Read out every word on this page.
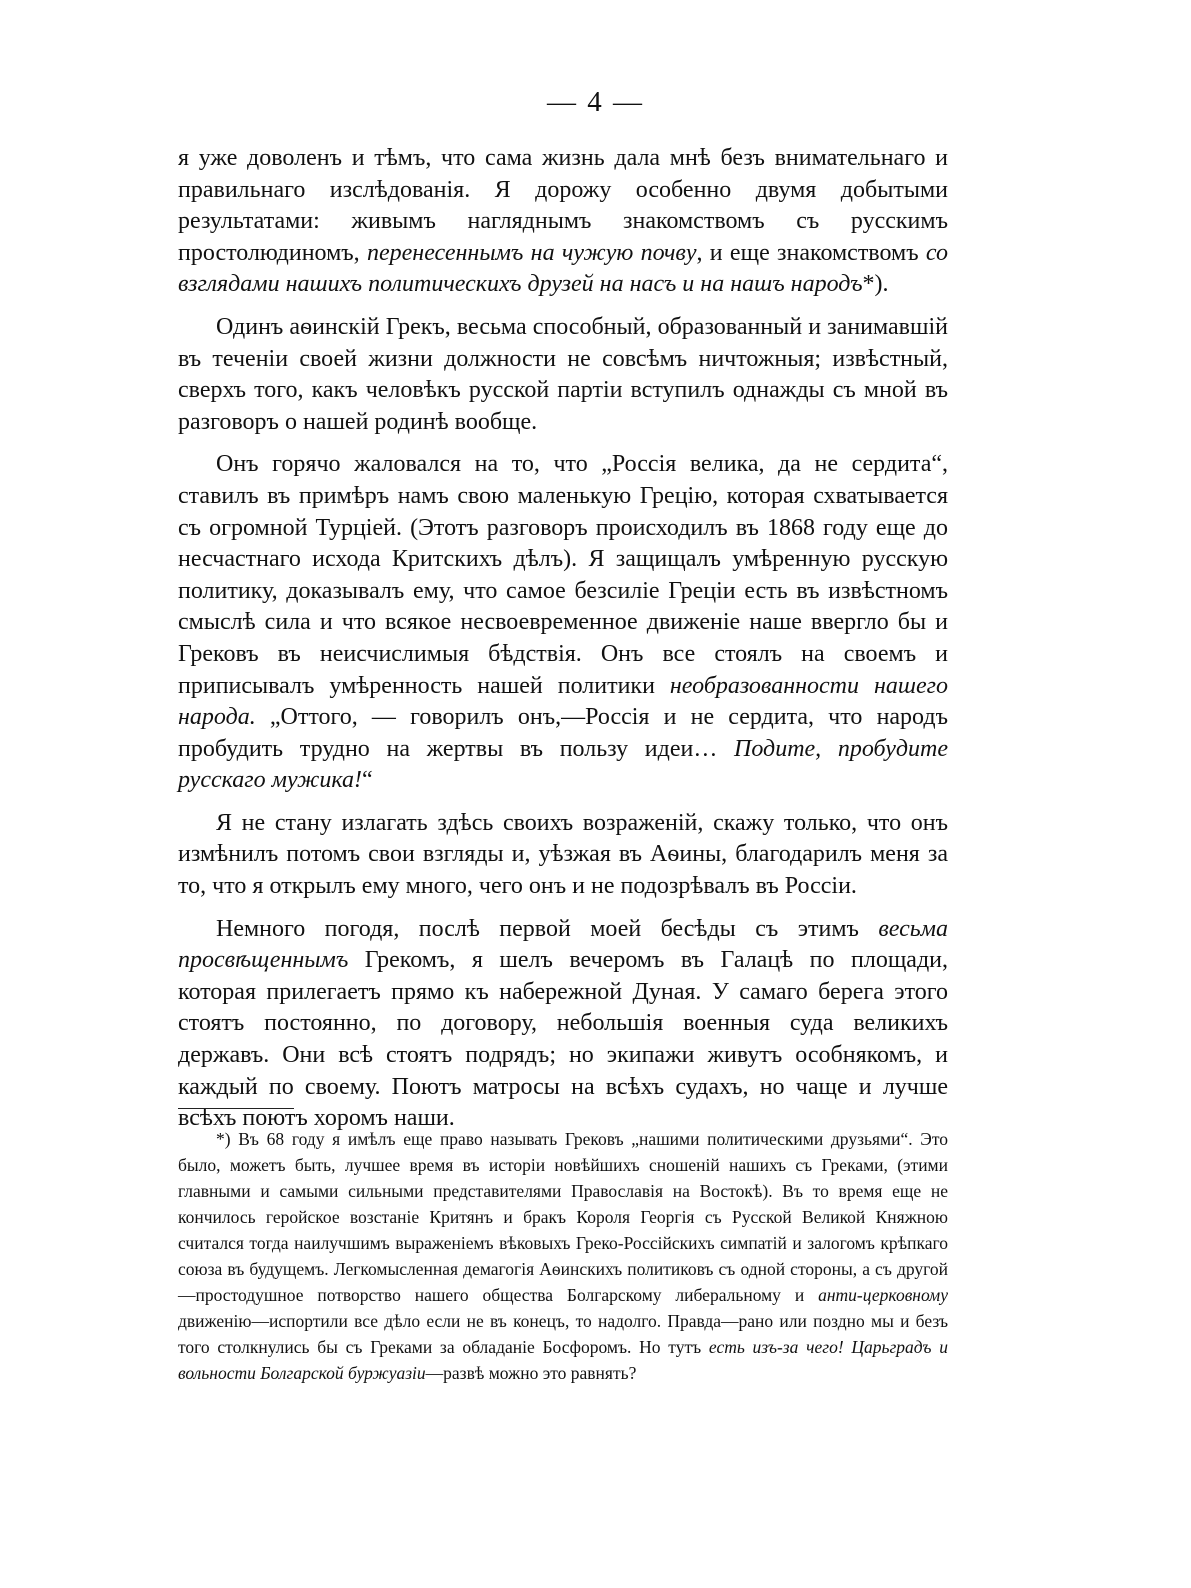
— 4 —

я уже доволенъ и тѣмъ, что сама жизнь дала мнѣ безъ внимательнаго и правильнаго изслѣдованія. Я дорожу особенно двумя добытыми результатами: живымъ нагляднымъ знакомствомъ съ русскимъ простолюдиномъ, перенесеннымъ на чужую почву, и еще знакомствомъ со взглядами нашихъ политическихъ друзей на насъ и на нашъ народъ*).

Одинъ аѳинскій Грекъ, весьма способный, образованный и занимавшій въ теченіи своей жизни должности не совсѣмъ ничтожныя; извѣстный, сверхъ того, какъ человѣкъ русской партіи вступилъ однажды съ мной въ разговоръ о нашей родинѣ вообще.

Онъ горячо жаловался на то, что „Россія велика, да не сердита“, ставилъ въ примѣръ намъ свою маленькую Грецію, которая схватывается съ огромной Турціей. (Этотъ разговоръ происходилъ въ 1868 году еще до несчастнаго исхода Критскихъ дѣлъ). Я защищалъ умѣренную русскую политику, доказывалъ ему, что самое безсиліе Греціи есть въ извѣстномъ смыслѣ сила и что всякое несвоевременное движеніе наше ввергло бы и Грековъ въ неисчислимыя бѣдствія. Онъ все стоялъ на своемъ и приписывалъ умѣренность нашей политики необразованности нашего народа. „Оттого, — говорилъ онъ,—Россія и не сердита, что народъ пробудить трудно на жертвы въ пользу идеи… Подите, пробудите русскаго мужика!“

Я не стану излагать здѣсь своихъ возраженій, скажу только, что онъ измѣнилъ потомъ свои взгляды и, уѣзжая въ Аѳины, благодарилъ меня за то, что я открылъ ему много, чего онъ и не подозрѣвалъ въ Россіи.

Немного погодя, послѣ первой моей бесѣды съ этимъ весьма просвѣщеннымъ Грекомъ, я шелъ вечеромъ въ Галацѣ по площади, которая прилегаетъ прямо къ набережной Дуная. У самаго берега этого стоятъ постоянно, по договору, небольшія военныя суда великихъ державъ. Они всѣ стоятъ подрядъ; но экипажи живутъ особнякомъ, и каждый по своему. Поютъ матросы на всѣхъ судахъ, но чаще и лучше всѣхъ поютъ хоромъ наши.

*) Въ 68 году я имѣлъ еще право называть Грековъ „нашими политическими друзьями“. Это было, можетъ быть, лучшее время въ исторіи новѣйшихъ сношеній нашихъ съ Греками, (этими главными и самыми сильными представителями Православія на Востокѣ). Въ то время еще не кончилось геройское возстаніе Критянъ и бракъ Короля Георгія съ Русской Великой Княжною считался тогда наилучшимъ выраженіемъ вѣковыхъ Греко-Россійскихъ симпатій и залогомъ крѣпкаго союза въ будущемъ. Легкомысленная демагогія Аѳинскихъ политиковъ съ одной стороны, а съ другой—простодушное потворство нашего общества Болгарскому либеральному и анти-церковному движенію—испортили все дѣло если не въ конецъ, то надолго. Правда—рано или поздно мы и безъ того столкнулись бы съ Греками за обладаніе Босфоромъ. Но тутъ есть изъ-за чего! Царьградъ и вольности Болгарской буржуазіи—развѣ можно это равнять?
